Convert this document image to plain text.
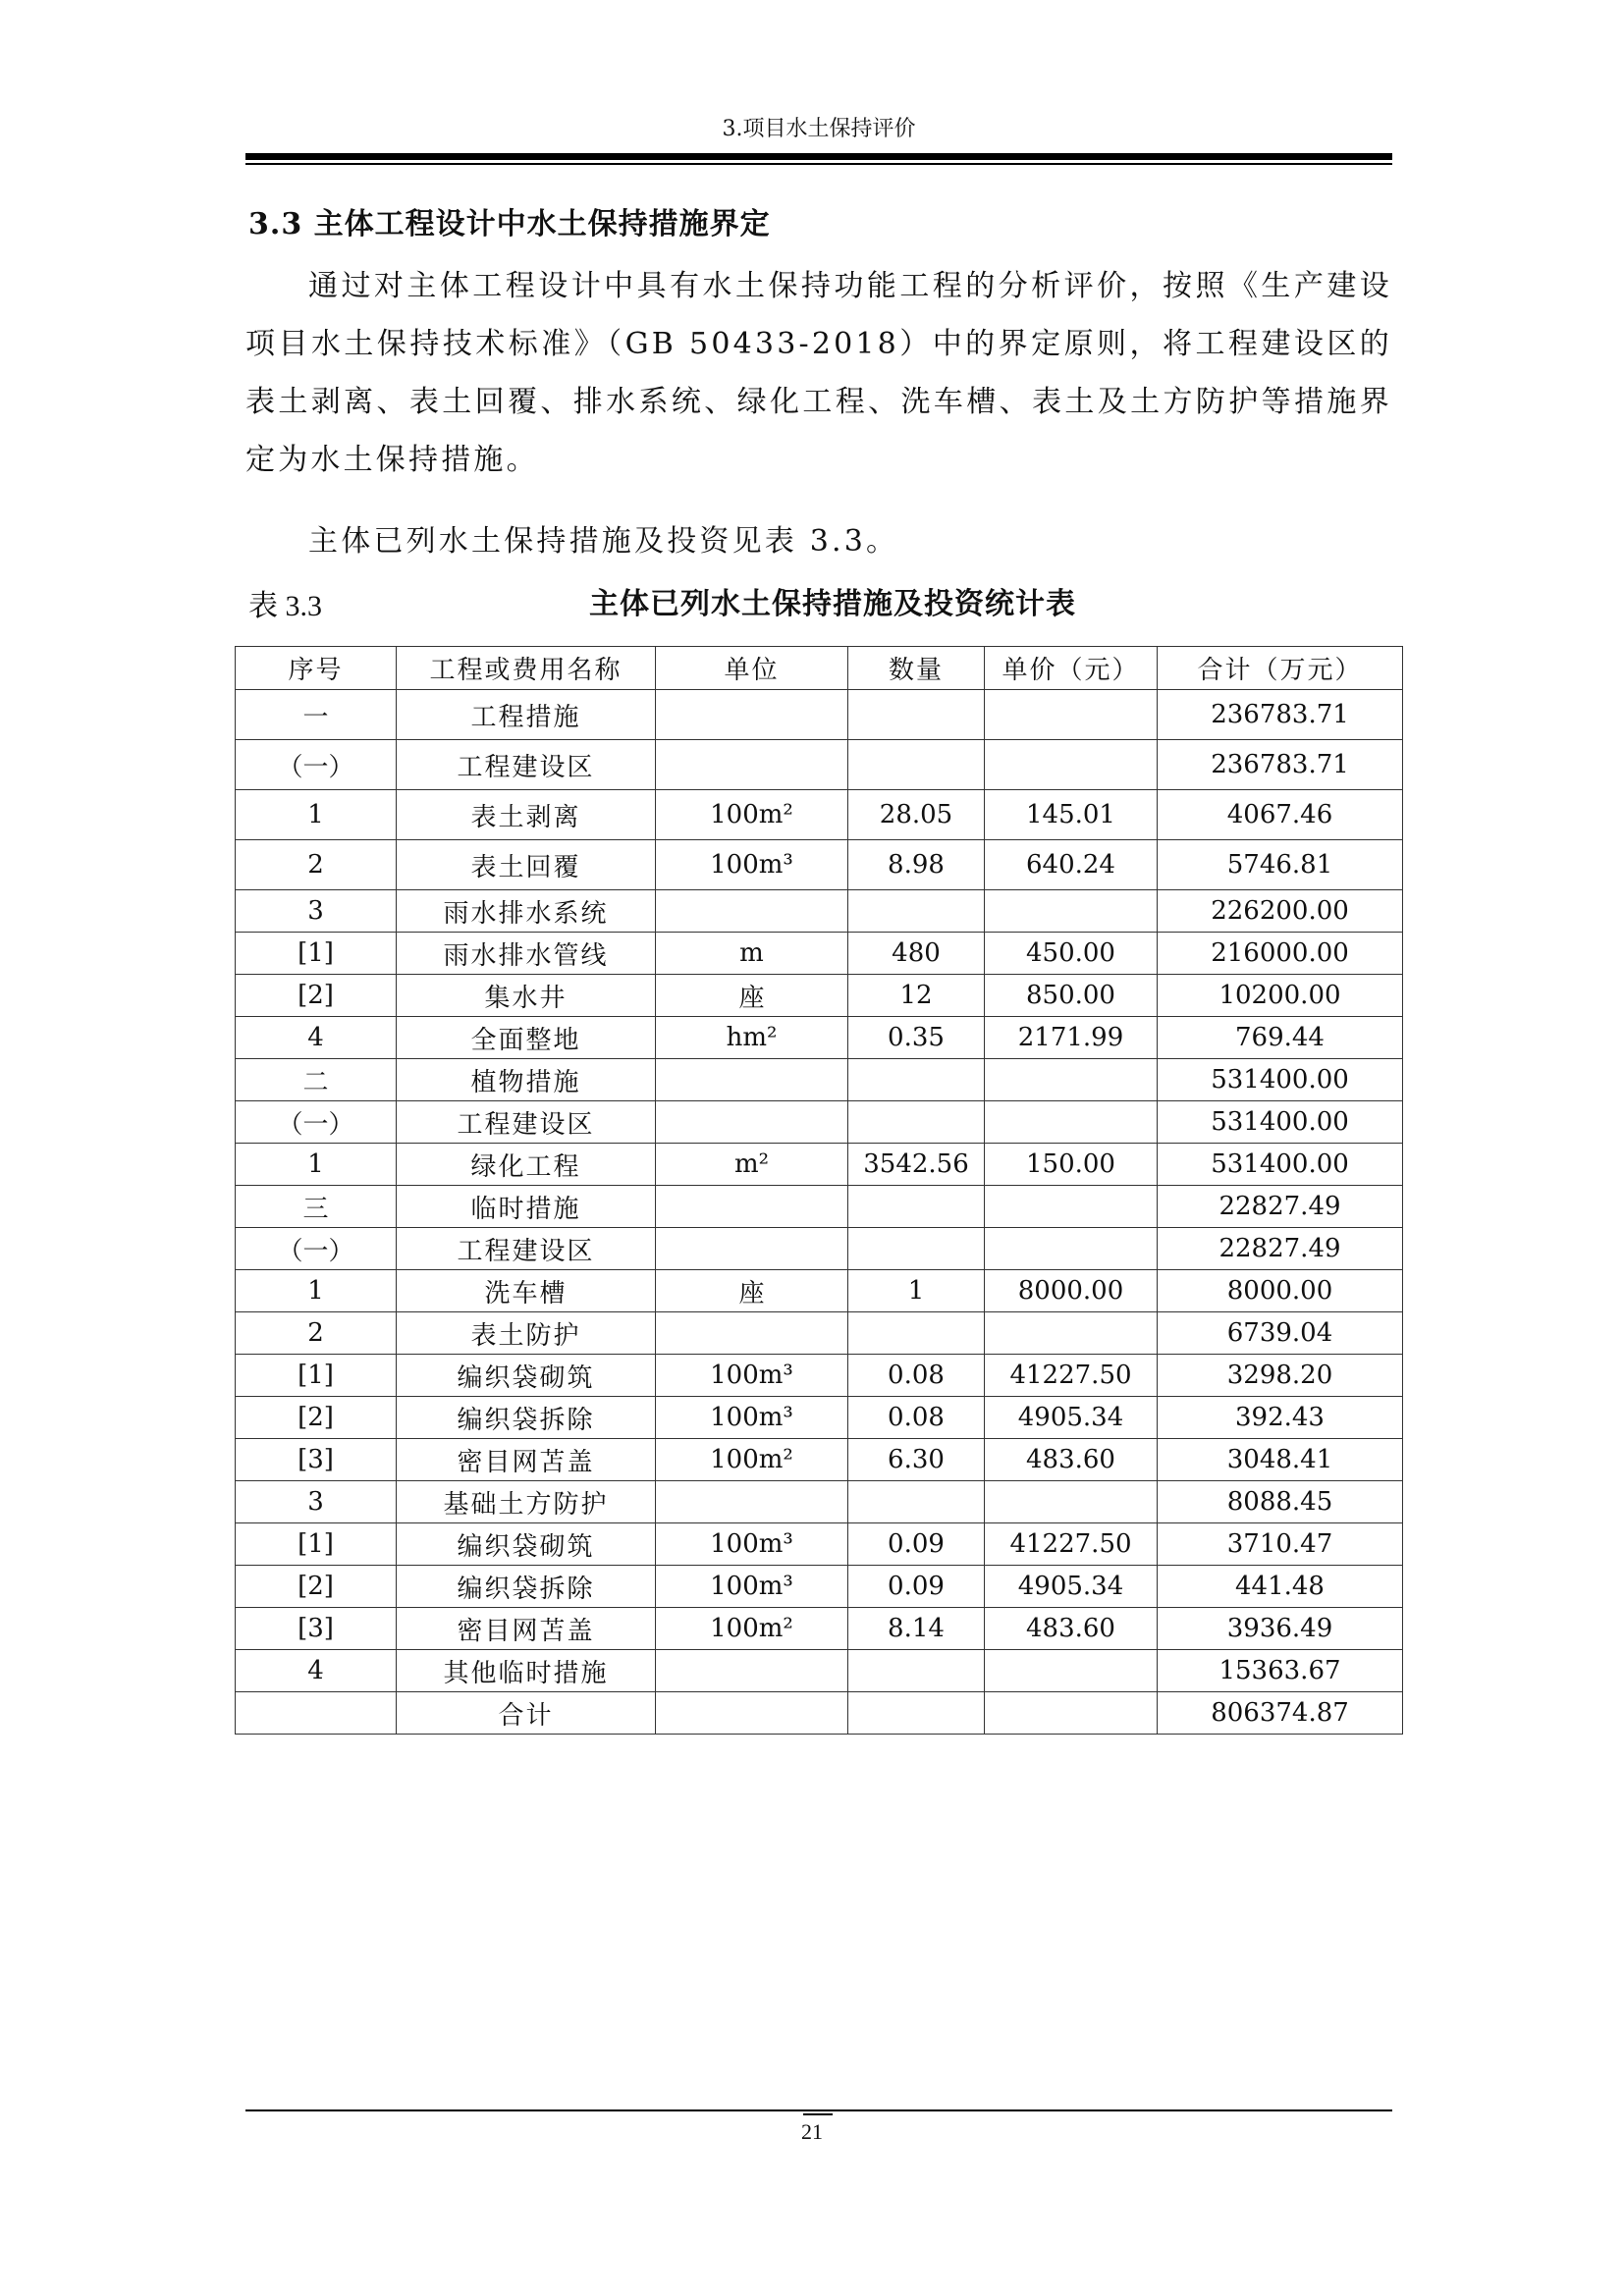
3.项目水土保持评价
3.3 主体工程设计中水土保持措施界定
通过对主体工程设计中具有水土保持功能工程的分析评价，按照《生产建设项目水土保持技术标准》（GB 50433-2018）中的界定原则，将工程建设区的表土剥离、表土回覆、排水系统、绿化工程、洗车槽、表土及土方防护等措施界定为水土保持措施。
主体已列水土保持措施及投资见表 3.3。
表 3.3	主体已列水土保持措施及投资统计表
序号	工程或费用名称	单位	数量	单价（元）	合计（万元）
一	工程措施				236783.71
（一）	工程建设区				236783.71
1	表土剥离	100m²	28.05	145.01	4067.46
2	表土回覆	100m³	8.98	640.24	5746.81
3	雨水排水系统				226200.00
[1]	雨水排水管线	m	480	450.00	216000.00
[2]	集水井	座	12	850.00	10200.00
4	全面整地	hm²	0.35	2171.99	769.44
二	植物措施				531400.00
（一）	工程建设区				531400.00
1	绿化工程	m²	3542.56	150.00	531400.00
三	临时措施				22827.49
（一）	工程建设区				22827.49
1	洗车槽	座	1	8000.00	8000.00
2	表土防护				6739.04
[1]	编织袋砌筑	100m³	0.08	41227.50	3298.20
[2]	编织袋拆除	100m³	0.08	4905.34	392.43
[3]	密目网苫盖	100m²	6.30	483.60	3048.41
3	基础土方防护				8088.45
[1]	编织袋砌筑	100m³	0.09	41227.50	3710.47
[2]	编织袋拆除	100m³	0.09	4905.34	441.48
[3]	密目网苫盖	100m²	8.14	483.60	3936.49
4	其他临时措施				15363.67
	合计				806374.87
21
